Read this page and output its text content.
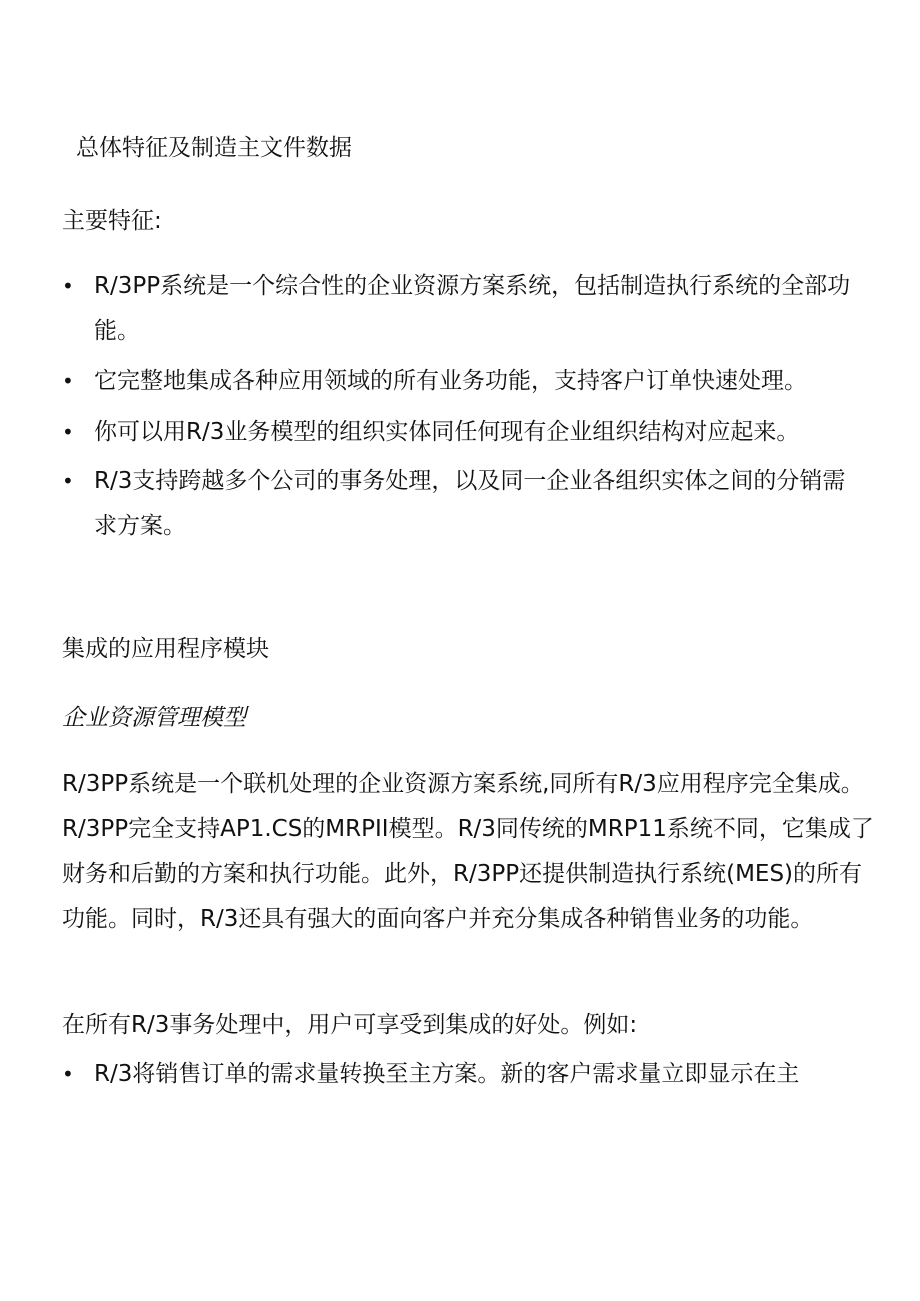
总体特征及制造主文件数据
主要特征:
• R/3PP系统是一个综合性的企业资源方案系统，包括制造执行系统的全部功
能。
• 它完整地集成各种应用领域的所有业务功能，支持客户订单快速处理。
• 你可以用R/3业务模型的组织实体同任何现有企业组织结构对应起来。
• R/3支持跨越多个公司的事务处理，以及同一企业各组织实体之间的分销需
求方案。
集成的应用程序模块
企业资源管理模型
R/3PP系统是一个联机处理的企业资源方案系统,同所有R/3应用程序完全集成。
R/3PP完全支持AP1.CS的MRPII模型。R/3同传统的MRP11系统不同，它集成了
财务和后勤的方案和执行功能。此外，R/3PP还提供制造执行系统(MES)的所有
功能。同时，R/3还具有强大的面向客户并充分集成各种销售业务的功能。
在所有R/3事务处理中，用户可享受到集成的好处。例如:
• R/3将销售订单的需求量转换至主方案。新的客户需求量立即显示在主
